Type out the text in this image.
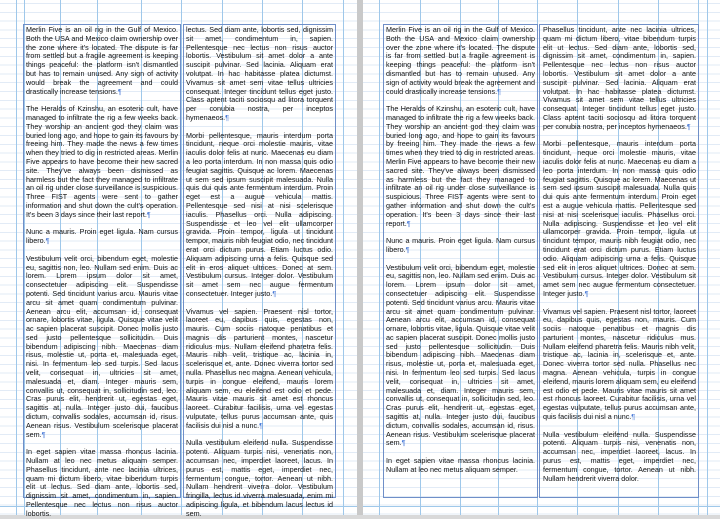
Merlin Five is an oil rig in the Gulf of Mexico. Both the USA and Mexico claim ownership over the zone where it's located. The dispute is far from settled but a fragile agreement is keeping things peaceful: the platform isn't dismantled but has to remain unused. Any sign of activity would break the agreement and could drastically increase tensions.¶

The Heralds of Kzinshu, an esoteric cult, have managed to infiltrate the rig a few weeks back. They worship an ancient god they claim was buried long ago, and hope to gain its favours by freeing him. They made the news a few times when they tried to dig in restricted areas. Merlin Five appears to have become their new sacred site. They've always been dismissed as harmless but the fact they managed to infiltrate an oil rig under close surveillance is suspicious. Three FIST agents were sent to gather information and shut down the cult's operation. It's been 3 days since their last report.¶

Nunc a mauris. Proin eget ligula. Nam cursus libero.¶

Vestibulum velit orci, bibendum eget, molestie eu, sagittis non, leo. Nullam sed enim. Duis ac lorem. Lorem ipsum dolor sit amet, consectetuer adipiscing elit. Suspendisse potenti. Sed tincidunt varius arcu. Mauris vitae arcu sit amet quam condimentum pulvinar. Aenean arcu elit, accumsan id, consequat ornare, lobortis vitae, ligula. Quisque vitae velit ac sapien placerat suscipit. Donec mollis justo sed justo pellentesque sollicitudin. Duis bibendum adipiscing nibh. Maecenas diam risus, molestie ut, porta et, malesuada eget, nisi. In fermentum leo sed turpis. Sed lacus velit, consequat in, ultricies sit amet, malesuada et, diam. Integer mauris sem, convallis ut, consequat in, sollicitudin sed, leo. Cras purus elit, hendrerit ut, egestas eget, sagittis at, nulla. Integer justo dui, faucibus dictum, convallis sodales, accumsan id, risus. Aenean risus. Vestibulum scelerisque placerat sem.¶

In eget sapien vitae massa rhoncus lacinia. Nullam at leo nec metus aliquam semper. Phasellus tincidunt, ante nec lacinia ultrices, quam mi dictum libero, vitae bibendum turpis elit ut lectus. Sed diam ante, lobortis sed, dignissim sit amet, condimentum in, sapien. Pellentesque nec lectus non risus auctor lobortis.

lectus. Sed diam ante, lobortis sed, dignissim sit amet, condimentum in, sapien. Pellentesque nec lectus non risus auctor lobortis. Vestibulum sit amet dolor a ante suscipit pulvinar. Sed lacinia. Aliquam erat volutpat. In hac habitasse platea dictumst. Vivamus sit amet sem vitae tellus ultricies consequat. Integer tincidunt tellus eget justo. Class aptent taciti sociosqu ad litora torquent per conubia nostra, per inceptos hymenaeos.¶

Morbi pellentesque, mauris interdum porta tincidunt, neque orci molestie mauris, vitae iaculis dolor felis at nunc. Maecenas eu diam a leo porta interdum. In non massa quis odio feugiat sagittis. Quisque ac lorem. Maecenas ut sem sed ipsum suscipit malesuada. Nulla quis dui quis ante fermentum interdum. Proin eget est a augue vehicula mattis. Pellentesque sed nisi at nisi scelerisque iaculis. Phasellus orci. Nulla adipiscing. Suspendisse et leo vel elit ullamcorper gravida. Proin tempor, ligula ut tincidunt tempor, mauris nibh feugiat odio, nec tincidunt erat orci dictum purus. Etiam luctus odio. Aliquam adipiscing urna a felis. Quisque sed elit in eros aliquet ultrices. Donec at sem. Vestibulum cursus. Integer dolor. Vestibulum sit amet sem nec augue fermentum consectetuer. Integer justo.¶

Vivamus vel sapien. Praesent nisl tortor, laoreet eu, dapibus quis, egestas non, mauris. Cum sociis natoque penatibus et magnis dis parturient montes, nascetur ridiculus mus. Nullam eleifend pharetra felis. Mauris nibh velit, tristique ac, lacinia in, scelerisque et, ante. Donec viverra tortor sed nulla. Phasellus nec magna. Aenean vehicula, turpis in congue eleifend, mauris lorem aliquam sem, eu eleifend est odio et pede. Mauris vitae mauris sit amet est rhoncus laoreet. Curabitur facilisis, urna vel egestas vulputate, tellus purus accumsan ante, quis facilisis dui nisl a nunc.¶

Nulla vestibulum eleifend nulla. Suspendisse potenti. Aliquam turpis nisi, venenatis non, accumsan nec, imperdiet laoreet, lacus. In purus est, mattis eget, imperdiet nec, fermentum congue, tortor. Aenean ut nibh. Nullam hendrerit viverra dolor. Vestibulum fringilla, lectus id viverra malesuada, enim mi adipiscing ligula, et bibendum lacus lectus id sem.

Merlin Five is an oil rig in the Gulf of Mexico. Both the USA and Mexico claim ownership over the zone where it's located. The dispute is far from settled but a fragile agreement is keeping things peaceful: the platform isn't dismantled but has to remain unused. Any sign of activity would break the agreement and could drastically increase tensions.¶

The Heralds of Kzinshu, an esoteric cult, have managed to infiltrate the rig a few weeks back. They worship an ancient god they claim was buried long ago, and hope to gain its favours by freeing him. They made the news a few times when they tried to dig in restricted areas. Merlin Five appears to have become their new sacred site. They've always been dismissed as harmless but the fact they managed to infiltrate an oil rig under close surveillance is suspicious. Three FIST agents were sent to gather information and shut down the cult's operation. It's been 3 days since their last report.¶

Nunc a mauris. Proin eget ligula. Nam cursus libero.¶

Vestibulum velit orci, bibendum eget, molestie eu, sagittis non, leo. Nullam sed enim. Duis ac lorem. Lorem ipsum dolor sit amet, consectetuer adipiscing elit. Suspendisse potenti. Sed tincidunt varius arcu. Mauris vitae arcu sit amet quam condimentum pulvinar. Aenean arcu elit, accumsan id, consequat ornare, lobortis vitae, ligula. Quisque vitae velit ac sapien placerat suscipit. Donec mollis justo sed justo pellentesque sollicitudin. Duis bibendum adipiscing nibh. Maecenas diam risus, molestie ut, porta et, malesuada eget, nisi. In fermentum leo sed turpis. Sed lacus velit, consequat in, ultricies sit amet, malesuada et, diam. Integer mauris sem, convallis ut, consequat in, sollicitudin sed, leo. Cras purus elit, hendrerit ut, egestas eget, sagittis at, nulla. Integer justo dui, faucibus dictum, convallis sodales, accumsan id, risus. Aenean risus. Vestibulum scelerisque placerat sem.¶

In eget sapien vitae massa rhoncus lacinia. Nullam at leo nec metus aliquam semper.

Phasellus tincidunt, ante nec lacinia ultrices, quam mi dictum libero, vitae bibendum turpis elit ut lectus. Sed diam ante, lobortis sed, dignissim sit amet, condimentum in, sapien. Pellentesque nec lectus non risus auctor lobortis. Vestibulum sit amet dolor a ante suscipit pulvinar. Sed lacinia. Aliquam erat volutpat. In hac habitasse platea dictumst. Vivamus sit amet sem vitae tellus ultricies consequat. Integer tincidunt tellus eget justo. Class aptent taciti sociosqu ad litora torquent per conubia nostra, per inceptos hymenaeos.¶

Morbi pellentesque, mauris interdum porta tincidunt, neque orci molestie mauris, vitae iaculis dolor felis at nunc. Maecenas eu diam a leo porta interdum. In non massa quis odio feugiat sagittis. Quisque ac lorem. Maecenas ut sem sed ipsum suscipit malesuada. Nulla quis dui quis ante fermentum interdum. Proin eget est a augue vehicula mattis. Pellentesque sed nisi at nisi scelerisque iaculis. Phasellus orci. Nulla adipiscing. Suspendisse et leo vel elit ullamcorper gravida. Proin tempor, ligula ut tincidunt tempor, mauris nibh feugiat odio, nec tincidunt erat orci dictum purus. Etiam luctus odio. Aliquam adipiscing urna a felis. Quisque sed elit in eros aliquet ultrices. Donec at sem. Vestibulum cursus. Integer dolor. Vestibulum sit amet sem nec augue fermentum consectetuer. Integer justo.¶

Vivamus vel sapien. Praesent nisl tortor, laoreet eu, dapibus quis, egestas non, mauris. Cum sociis natoque penatibus et magnis dis parturient montes, nascetur ridiculus mus. Nullam eleifend pharetra felis. Mauris nibh velit, tristique ac, lacinia in, scelerisque et, ante. Donec viverra tortor sed nulla. Phasellus nec magna. Aenean vehicula, turpis in congue eleifend, mauris lorem aliquam sem, eu eleifend est odio et pede. Mauris vitae mauris sit amet est rhoncus laoreet. Curabitur facilisis, urna vel egestas vulputate, tellus purus accumsan ante, quis facilisis dui nisl a nunc.¶

Nulla vestibulum eleifend nulla. Suspendisse potenti. Aliquam turpis nisi, venenatis non, accumsan nec, imperdiet laoreet, lacus. In purus est, mattis eget, imperdiet nec, fermentum congue, tortor. Aenean ut nibh. Nullam hendrerit viverra dolor.
